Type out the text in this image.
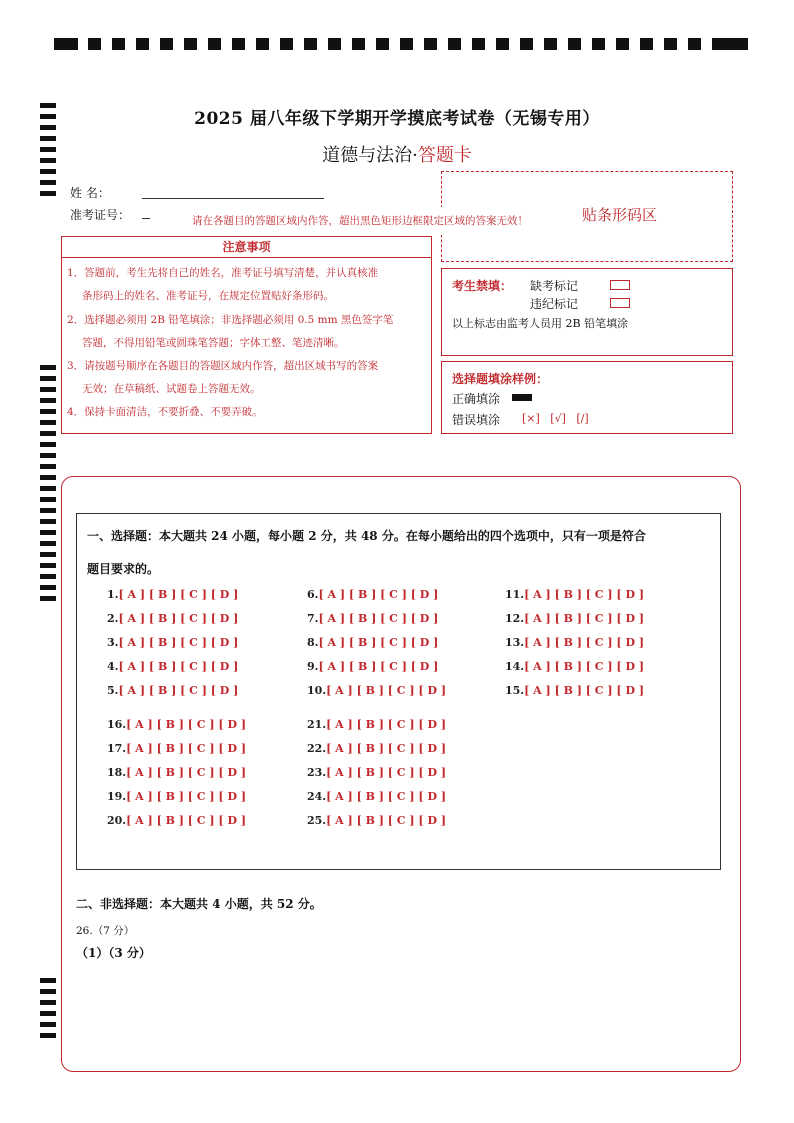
2025 届八年级下学期开学摸底考试卷（无锡专用）
道德与法治·答题卡
姓 名：
准考证号：	贴条形码区
请在各题目的答题区域内作答，超出黑色矩形边框限定区域的答案无效！
注意事项
1．答题前，考生先将自己的姓名，准考证号填写清楚，并认真核准
条形码上的姓名、准考证号，在规定位置贴好条形码。
2．选择题必须用 2B 铅笔填涂；非选择题必须用 0.5 mm 黑色签字笔
答题，不得用铅笔或圆珠笔答题；字体工整、笔迹清晰。
3．请按题号顺序在各题目的答题区域内作答，超出区域书写的答案
无效；在草稿纸、试题卷上答题无效。
4．保持卡面清洁，不要折叠、不要弄破。
考生禁填： 缺考标记
违纪标记
以上标志由监考人员用 2B 铅笔填涂
选择题填涂样例：
正确填涂
错误填涂 [×]   [√]   [/]
一、选择题：本大题共 24 小题，每小题 2 分，共 48 分。在每小题给出的四个选项中，只有一项是符合
题目要求的。
1.[ A ] [ B ] [ C ] [ D ]	6.[ A ] [ B ] [ C ] [ D ]	11.[ A ] [ B ] [ C ] [ D ]
2.[ A ] [ B ] [ C ] [ D ]	7.[ A ] [ B ] [ C ] [ D ]	12.[ A ] [ B ] [ C ] [ D ]
3.[ A ] [ B ] [ C ] [ D ]	8.[ A ] [ B ] [ C ] [ D ]	13.[ A ] [ B ] [ C ] [ D ]
4.[ A ] [ B ] [ C ] [ D ]	9.[ A ] [ B ] [ C ] [ D ]	14.[ A ] [ B ] [ C ] [ D ]
5.[ A ] [ B ] [ C ] [ D ]	10.[ A ] [ B ] [ C ] [ D ]	15.[ A ] [ B ] [ C ] [ D ]
16.[ A ] [ B ] [ C ] [ D ]	21.[ A ] [ B ] [ C ] [ D ]
17.[ A ] [ B ] [ C ] [ D ]	22.[ A ] [ B ] [ C ] [ D ]
18.[ A ] [ B ] [ C ] [ D ]	23.[ A ] [ B ] [ C ] [ D ]
19.[ A ] [ B ] [ C ] [ D ]	24.[ A ] [ B ] [ C ] [ D ]
20.[ A ] [ B ] [ C ] [ D ]	25.[ A ] [ B ] [ C ] [ D ]
二、非选择题：本大题共 4 小题，共 52 分。
26.（7 分）
（1）（3 分）
